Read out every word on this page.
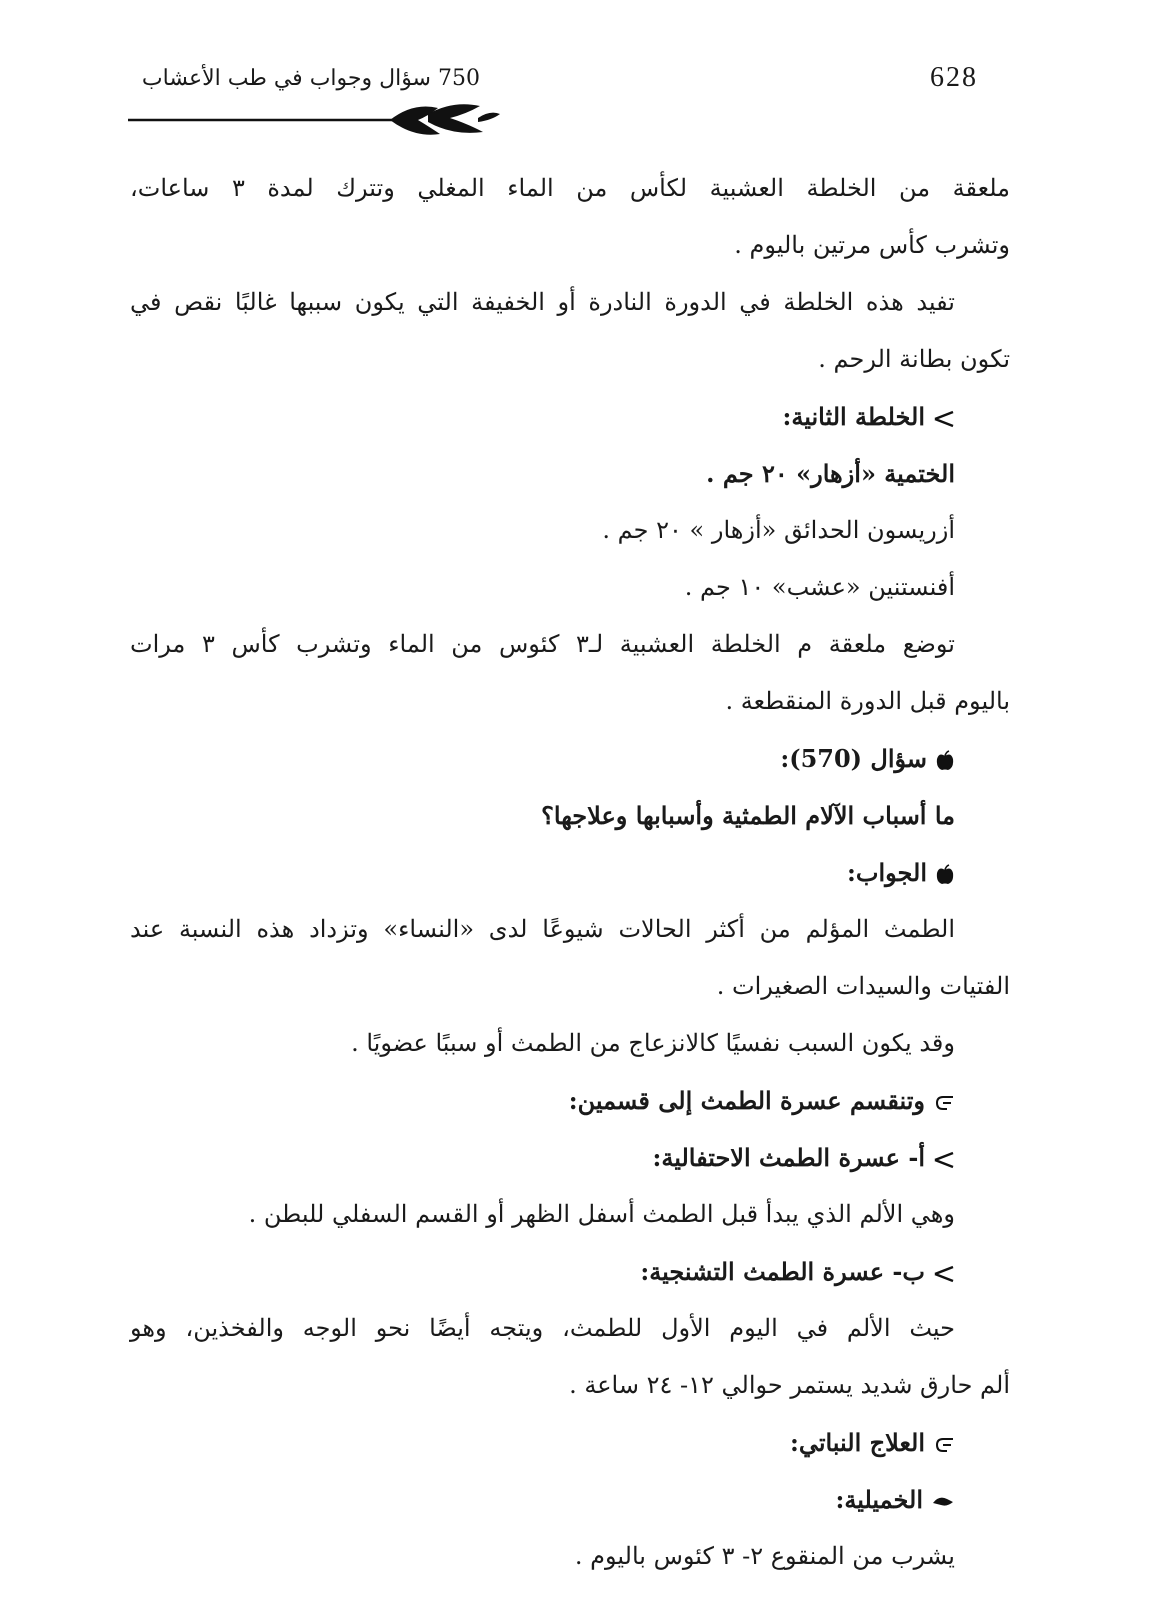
628
750 سؤال وجواب في طب الأعشاب
ملعقة من الخلطة العشبية لكأس من الماء المغلي وتترك لمدة ٣ ساعات،
وتشرب كأس مرتين باليوم .
تفيد هذه الخلطة في الدورة النادرة أو الخفيفة التي يكون سببها غالبًا نقص في
تكون بطانة الرحم .
الخلطة الثانية:
الختمية «أزهار» ٢٠ جم .
أزريسون الحدائق «أزهار » ٢٠ جم .
أفنستنين «عشب» ١٠ جم .
توضع ملعقة م الخلطة العشبية لـ٣ كئوس من الماء وتشرب كأس ٣ مرات
باليوم قبل الدورة المنقطعة .
سؤال (570):
ما أسباب الآلام الطمثية وأسبابها وعلاجها؟
الجواب:
الطمث المؤلم من أكثر الحالات شيوعًا لدى «النساء» وتزداد هذه النسبة عند
الفتيات والسيدات الصغيرات .
وقد يكون السبب نفسيًا كالانزعاج من الطمث أو سببًا عضويًا .
وتنقسم عسرة الطمث إلى قسمين:
أ- عسرة الطمث الاحتفالية:
وهي الألم الذي يبدأ قبل الطمث أسفل الظهر أو القسم السفلي للبطن .
ب- عسرة الطمث التشنجية:
حيث الألم في اليوم الأول للطمث، ويتجه أيضًا نحو الوجه والفخذين، وهو
ألم حارق شديد يستمر حوالي ١٢- ٢٤ ساعة .
العلاج النباتي:
الخميلية:
يشرب من المنقوع ٢- ٣ كئوس باليوم .
